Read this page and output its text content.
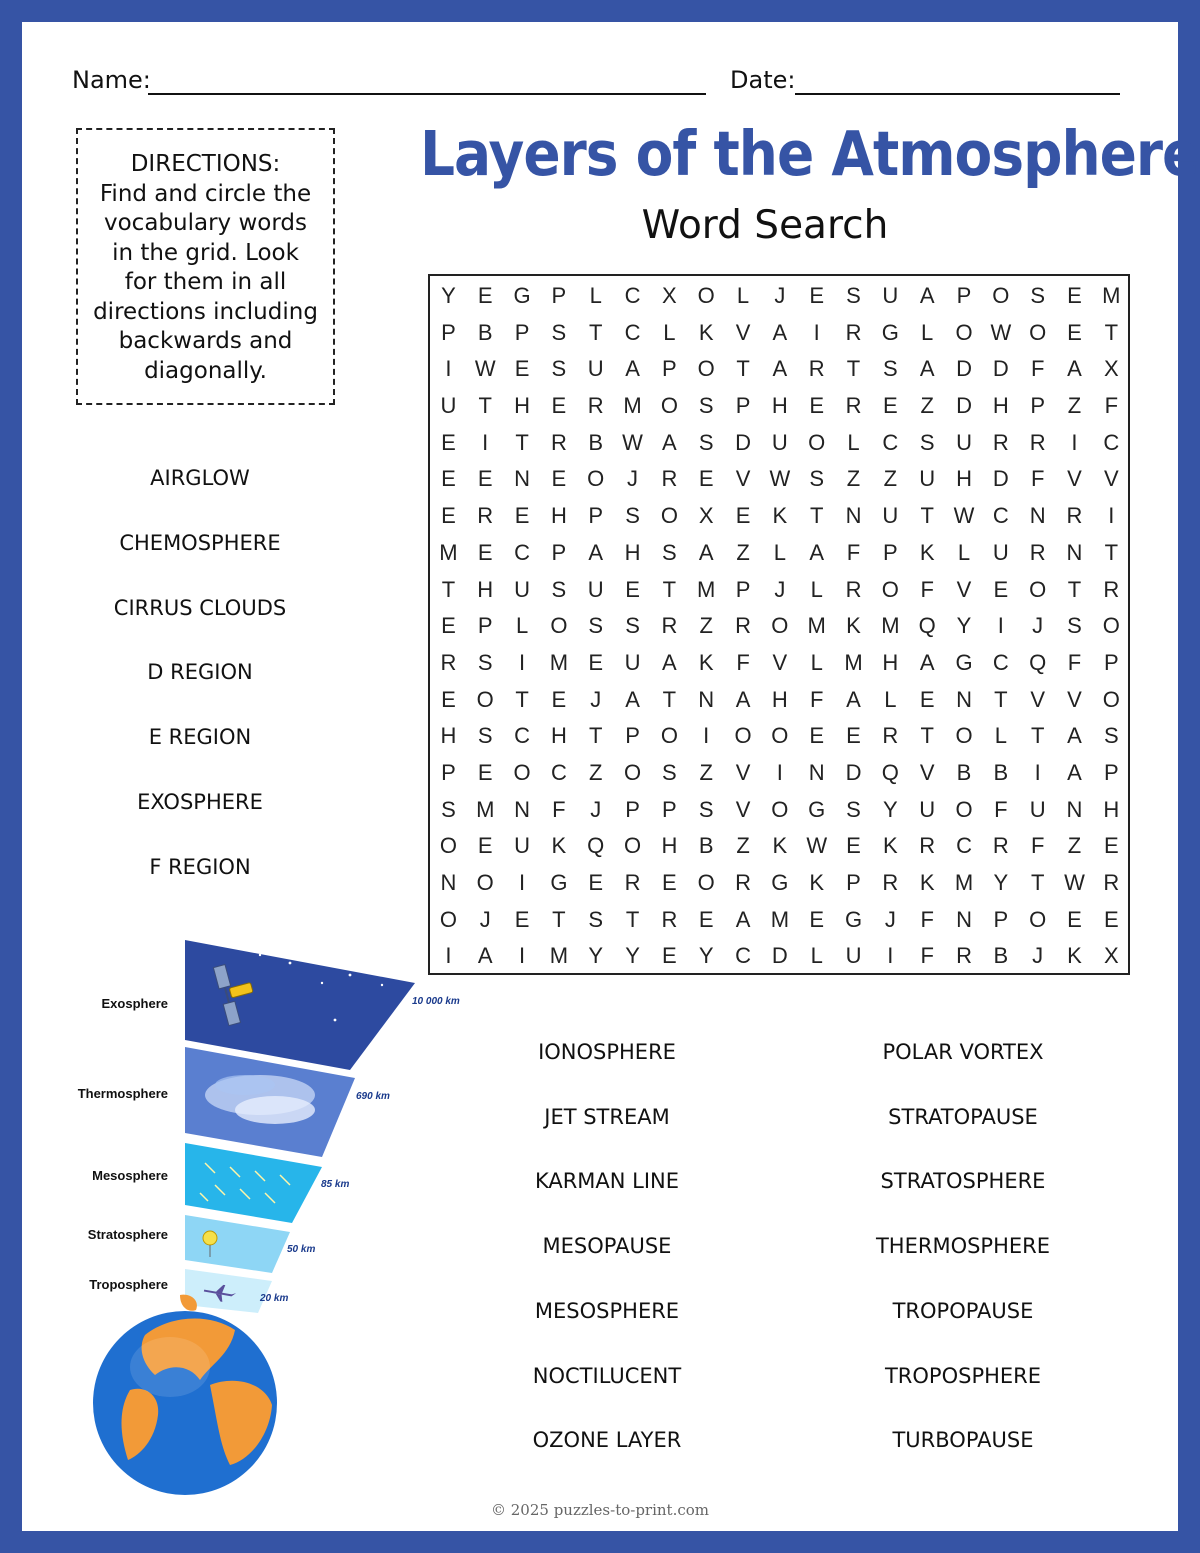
Name:	Date:
DIRECTIONS:
Find and circle the
vocabulary words
in the grid. Look
for them in all
directions including
backwards and
diagonally.
Layers of the Atmosphere
Word Search
Y	E G P	L	C X O	L	J	E	S U A	P O S	E M
P	B	P	S	T	C	L	K	V	A	I	R G	L	O W O E	T
I	W E	S U A	P O T	A R	T	S	A D D	F	A	X
U	T	H E R M O S	P H E R E	Z	D H P	Z	F
E	I	T	R B W A	S D U O	L	C S U R R	I	C
E	E N E O	J	R E	V W S	Z	Z	U H D	F	V	V
E R E H P	S O X	E	K	T	N U	T W C N R	I
M E C P	A H S	A	Z	L	A	F	P	K	L	U R N	T
T	H U S U E	T M P	J	L	R O F	V	E O T	R
E	P	L	O S	S R	Z	R O M K M Q Y	I	J	S O
R S	I	M E U A	K	F	V	L M H A G C Q F	P
E O T	E	J	A	T	N A H	F	A	L	E N	T	V	V O
H S C H	T	P O	I	O O E	E R	T O	L	T	A	S
P	E O C	Z O S	Z	V	I	N D Q V	B	B	I	A	P
S M N	F	J	P	P	S	V O G S	Y U O F	U N H
O E U K Q O H B	Z	K W E	K R C R	F	Z	E
N O	I	G E R E O R G K	P R K M Y	T W R
O	J	E	T	S	T	R E	A M E G	J	F	N P O E	E
I	A	I	M Y	Y	E	Y C D	L	U	I	F	R B	J	K	X
AIRGLOW
CHEMOSPHERE
CIRRUS CLOUDS
D REGION
E REGION
EXOSPHERE
F REGION
IONOSPHERE
JET STREAM
KARMAN LINE
MESOPAUSE
MESOSPHERE
NOCTILUCENT
OZONE LAYER
POLAR VORTEX
STRATOPAUSE
STRATOSPHERE
THERMOSPHERE
TROPOPAUSE
TROPOSPHERE
TURBOPAUSE
Exosphere
Thermosphere
Mesosphere
Stratosphere
Troposphere
10 000 km
690 km
85 km
50 km
20 km
© 2025 puzzles-to-print.com
